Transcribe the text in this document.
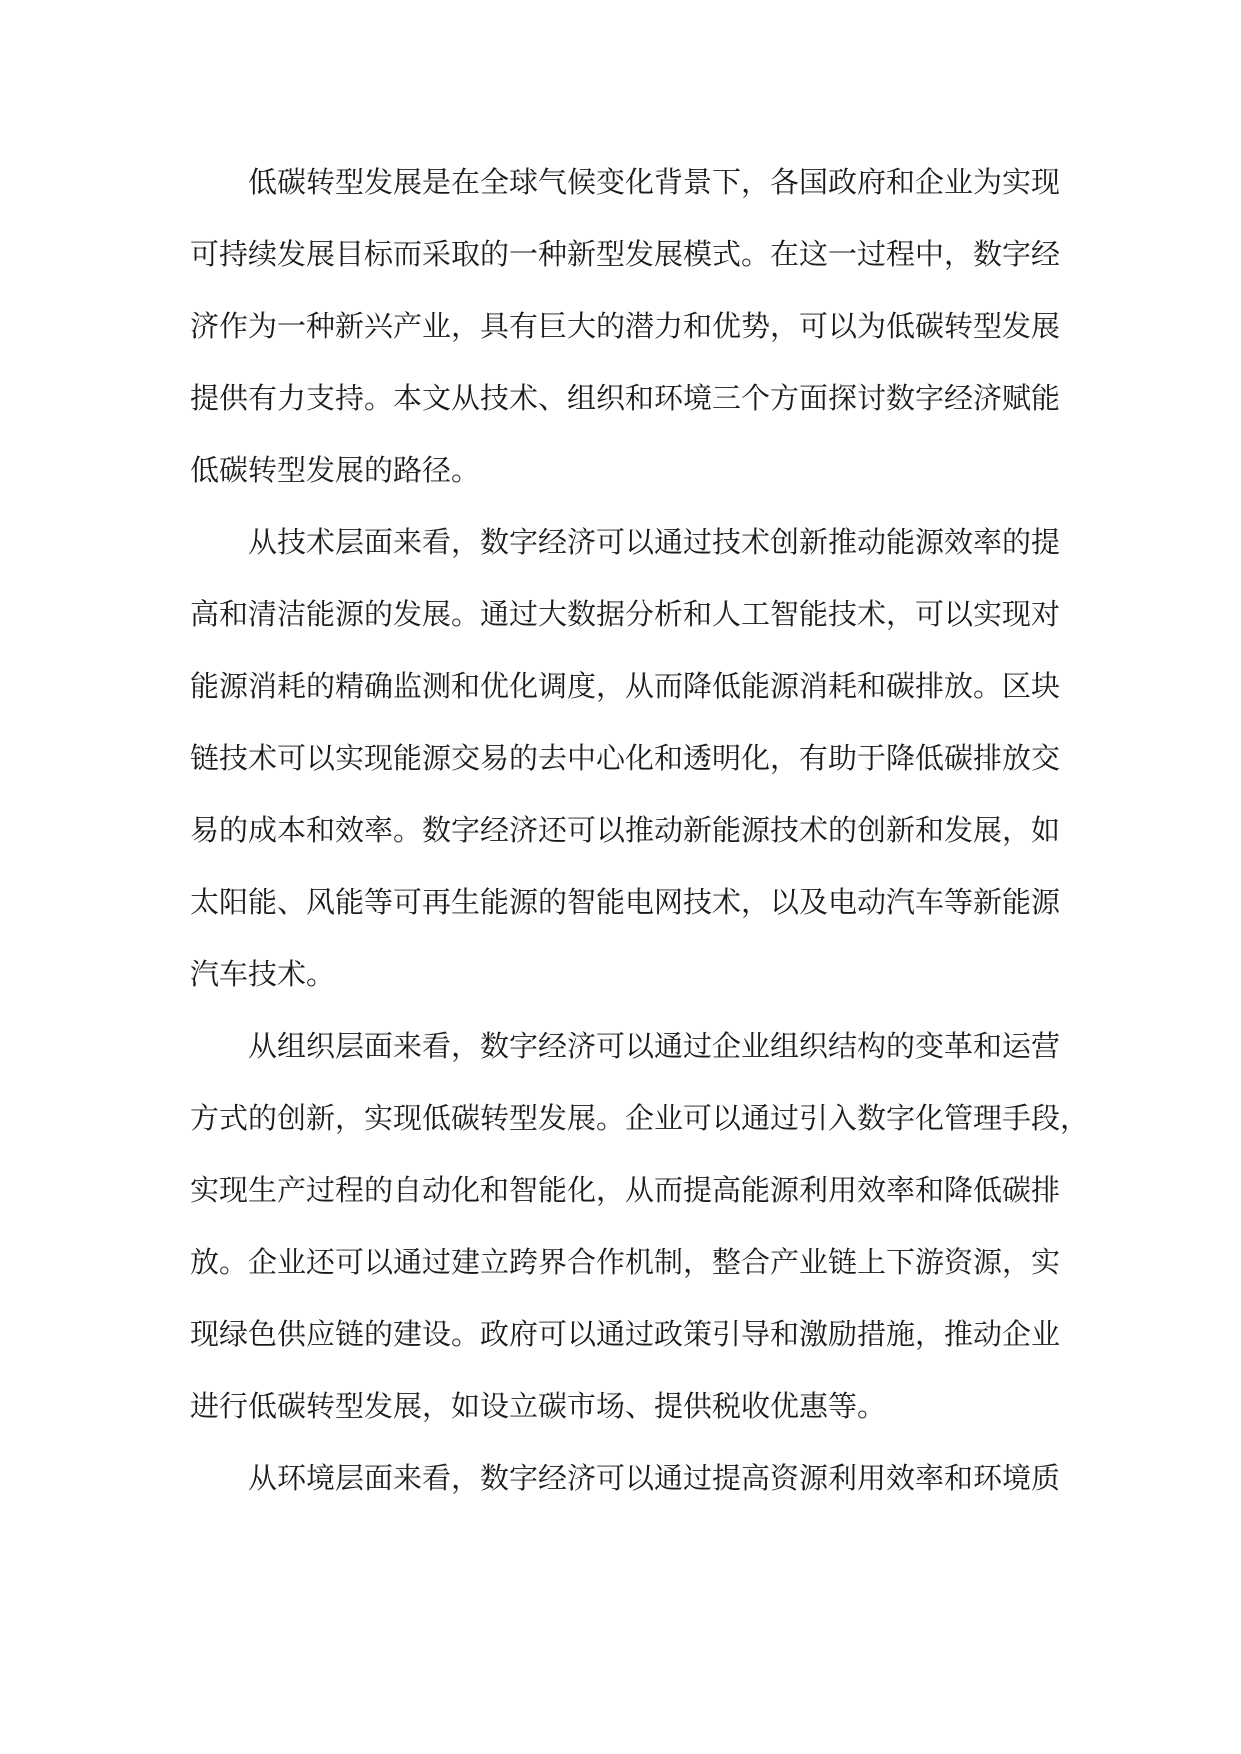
低碳转型发展是在全球气候变化背景下，各国政府和企业为实现
可持续发展目标而采取的一种新型发展模式。在这一过程中，数字经
济作为一种新兴产业，具有巨大的潜力和优势，可以为低碳转型发展
提供有力支持。本文从技术、组织和环境三个方面探讨数字经济赋能
低碳转型发展的路径。
从技术层面来看，数字经济可以通过技术创新推动能源效率的提
高和清洁能源的发展。通过大数据分析和人工智能技术，可以实现对
能源消耗的精确监测和优化调度，从而降低能源消耗和碳排放。区块
链技术可以实现能源交易的去中心化和透明化，有助于降低碳排放交
易的成本和效率。数字经济还可以推动新能源技术的创新和发展，如
太阳能、风能等可再生能源的智能电网技术，以及电动汽车等新能源
汽车技术。
从组织层面来看，数字经济可以通过企业组织结构的变革和运营
方式的创新，实现低碳转型发展。企业可以通过引入数字化管理手段，
实现生产过程的自动化和智能化，从而提高能源利用效率和降低碳排
放。企业还可以通过建立跨界合作机制，整合产业链上下游资源，实
现绿色供应链的建设。政府可以通过政策引导和激励措施，推动企业
进行低碳转型发展，如设立碳市场、提供税收优惠等。
从环境层面来看，数字经济可以通过提高资源利用效率和环境质
